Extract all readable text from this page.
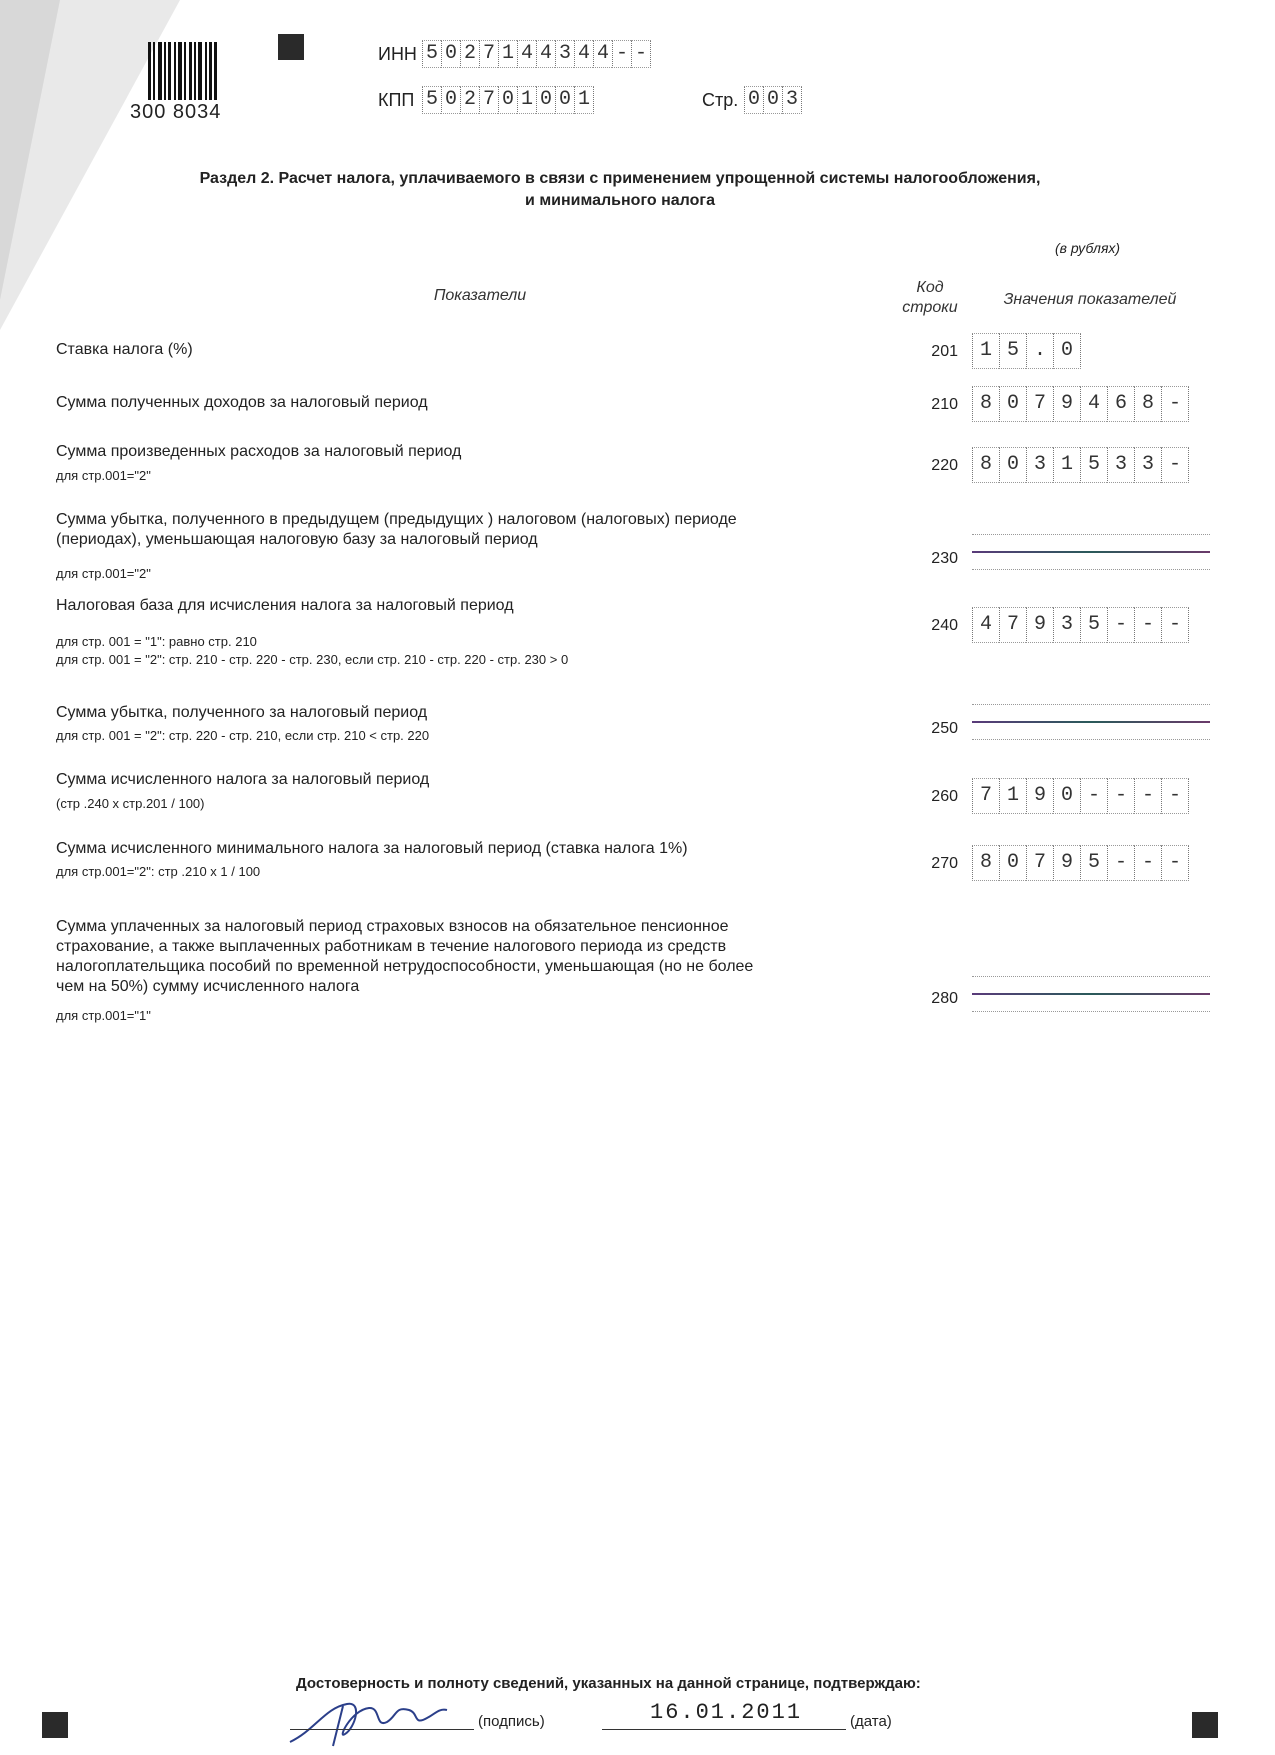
300 8034
ИНН 5 0 2 7 1 4 4 3 4 4 - -
КПП 5 0 2 7 0 1 0 0 1	Стр. 0 0 3
Раздел 2. Расчет налога, уплачиваемого в связи с применением упрощенной системы налогообложения,
и минимального налога
(в рублях)
Показатели	Код строки	Значения показателей
Ставка налога (%)	201	1 5 . 0
Сумма полученных доходов за налоговый период	210	8 0 7 9 4 6 8 -
Сумма произведенных расходов за налоговый период
для стр.001="2"
220	8 0 3 1 5 3 3 -
Сумма убытка, полученного в предыдущем (предыдущих ) налоговом (налоговых) периоде (периодах), уменьшающая налоговую базу за налоговый период
для стр.001="2"
230
Налоговая база для исчисления налога за налоговый период
для стр. 001 = "1": равно стр. 210
для стр. 001 = "2": стр. 210 - стр. 220 - стр. 230, если стр. 210 - стр. 220 - стр. 230 > 0
240	4 7 9 3 5 - - -
Сумма убытка, полученного за налоговый период
для стр. 001 = "2": стр. 220 - стр. 210, если стр. 210 < стр. 220	250
Сумма исчисленного налога за налоговый период
(стр .240 х стр.201 / 100)	260	7 1 9 0 - - - -
Сумма исчисленного минимального налога за налоговый период (ставка налога 1%)
для стр.001="2": стр .210 х 1 / 100	270	8 0 7 9 5 - - -
Сумма уплаченных за налоговый период страховых взносов на обязательное пенсионное страхование, а также выплаченных работникам в течение налогового периода из средств налогоплательщика пособий по временной нетрудоспособности, уменьшающая (но не более чем на 50%) сумму исчисленного налога
для стр.001="1"
280
Достоверность и полноту сведений, указанных на данной странице, подтверждаю:
(подпись)	16.01.2011	(дата)
